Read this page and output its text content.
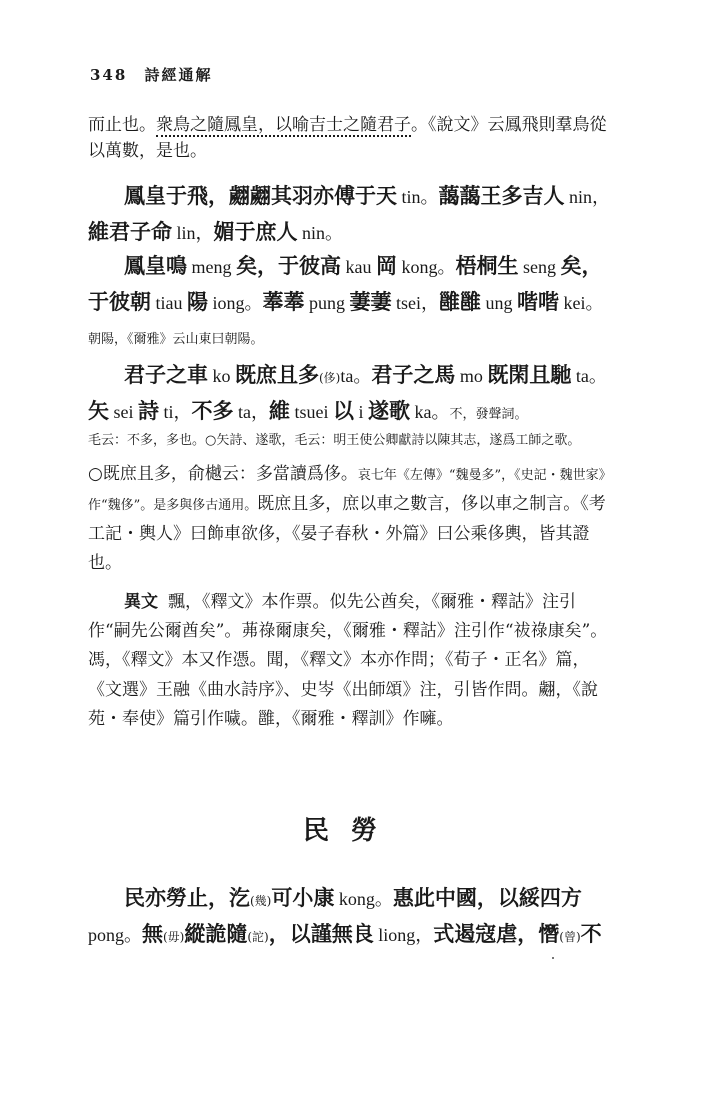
348 詩經通解

而止也。衆鳥之隨鳳皇，以喻吉士之隨君子。《說文》云鳳飛則羣鳥從以萬數，是也。

鳳皇于飛，翽翽其羽亦傅于天 tin。藹藹王多吉人 nin，維君子命 lin，媚于庶人 nin。

鳳皇鳴 meng 矣，于彼高 kau 岡 kong。梧桐生 seng 矣，于彼朝 tiau 陽 iong。菶菶 pung 萋萋 tsei，雝雝 ung 喈喈 kei。朝陽，《爾雅》云山東曰朝陽。

君子之車 ko 既庶且多(侈)ta。君子之馬 mo 既閑且馳 ta。矢 sei 詩 ti，不多 ta，維 tsuei 以 i 遂歌 ka。不，發聲詞。

毛云：不多，多也。○矢詩、遂歌，毛云：明王使公卿獻詩以陳其志，遂爲工師之歌。

○既庶且多，俞樾云：多當讀爲侈。哀七年《左傳》“魏曼多”，《史記・魏世家》作“魏侈”。是多與侈古通用。既庶且多，庶以車之數言，侈以車之制言。《考工記・輿人》曰飾車欲侈，《晏子春秋・外篇》曰公乘侈輿，皆其證也。

異文 飄，《釋文》本作票。似先公酋矣，《爾雅・釋詁》注引作“嗣先公爾酋矣”。茀祿爾康矣，《爾雅・釋詁》注引作“祓祿康矣”。馮，《釋文》本又作憑。聞，《釋文》本亦作問；《荀子・正名》篇，《文選》王融《曲水詩序》、史岑《出師頌》注，引皆作問。翽，《說苑・奉使》篇引作噦。雝，《爾雅・釋訓》作噰。

民勞

民亦勞止，汔(幾)可小康 kong。惠此中國，以綏四方 pong。無(毋)縱詭隨(詑)，以謹無良 liong，式遏寇虐，憯(曾)不
